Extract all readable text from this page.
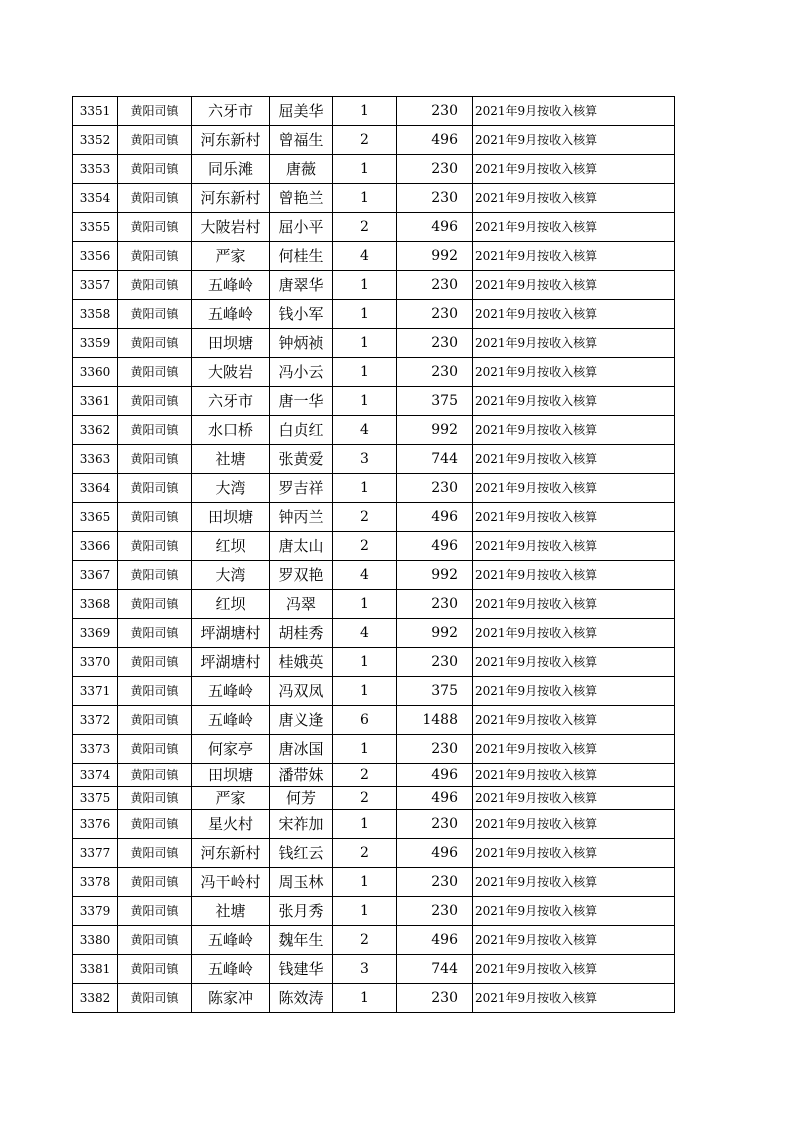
3351	黄阳司镇	六牙市	屈美华	1	230	2021年9月按收入核算
3352	黄阳司镇	河东新村	曾福生	2	496	2021年9月按收入核算
3353	黄阳司镇	同乐滩	唐薇	1	230	2021年9月按收入核算
3354	黄阳司镇	河东新村	曾艳兰	1	230	2021年9月按收入核算
3355	黄阳司镇	大陂岩村	屈小平	2	496	2021年9月按收入核算
3356	黄阳司镇	严家	何桂生	4	992	2021年9月按收入核算
3357	黄阳司镇	五峰岭	唐翠华	1	230	2021年9月按收入核算
3358	黄阳司镇	五峰岭	钱小军	1	230	2021年9月按收入核算
3359	黄阳司镇	田坝塘	钟炳祯	1	230	2021年9月按收入核算
3360	黄阳司镇	大陂岩	冯小云	1	230	2021年9月按收入核算
3361	黄阳司镇	六牙市	唐一华	1	375	2021年9月按收入核算
3362	黄阳司镇	水口桥	白贞红	4	992	2021年9月按收入核算
3363	黄阳司镇	社塘	张黄爱	3	744	2021年9月按收入核算
3364	黄阳司镇	大湾	罗吉祥	1	230	2021年9月按收入核算
3365	黄阳司镇	田坝塘	钟丙兰	2	496	2021年9月按收入核算
3366	黄阳司镇	红坝	唐太山	2	496	2021年9月按收入核算
3367	黄阳司镇	大湾	罗双艳	4	992	2021年9月按收入核算
3368	黄阳司镇	红坝	冯翠	1	230	2021年9月按收入核算
3369	黄阳司镇	坪湖塘村	胡桂秀	4	992	2021年9月按收入核算
3370	黄阳司镇	坪湖塘村	桂娥英	1	230	2021年9月按收入核算
3371	黄阳司镇	五峰岭	冯双凤	1	375	2021年9月按收入核算
3372	黄阳司镇	五峰岭	唐义逢	6	1488	2021年9月按收入核算
3373	黄阳司镇	何家亭	唐冰国	1	230	2021年9月按收入核算
3374	黄阳司镇	田坝塘	潘带妹	2	496	2021年9月按收入核算
3375	黄阳司镇	严家	何芳	2	496	2021年9月按收入核算
3376	黄阳司镇	星火村	宋祚加	1	230	2021年9月按收入核算
3377	黄阳司镇	河东新村	钱红云	2	496	2021年9月按收入核算
3378	黄阳司镇	冯干岭村	周玉林	1	230	2021年9月按收入核算
3379	黄阳司镇	社塘	张月秀	1	230	2021年9月按收入核算
3380	黄阳司镇	五峰岭	魏年生	2	496	2021年9月按收入核算
3381	黄阳司镇	五峰岭	钱建华	3	744	2021年9月按收入核算
3382	黄阳司镇	陈家冲	陈效涛	1	230	2021年9月按收入核算
